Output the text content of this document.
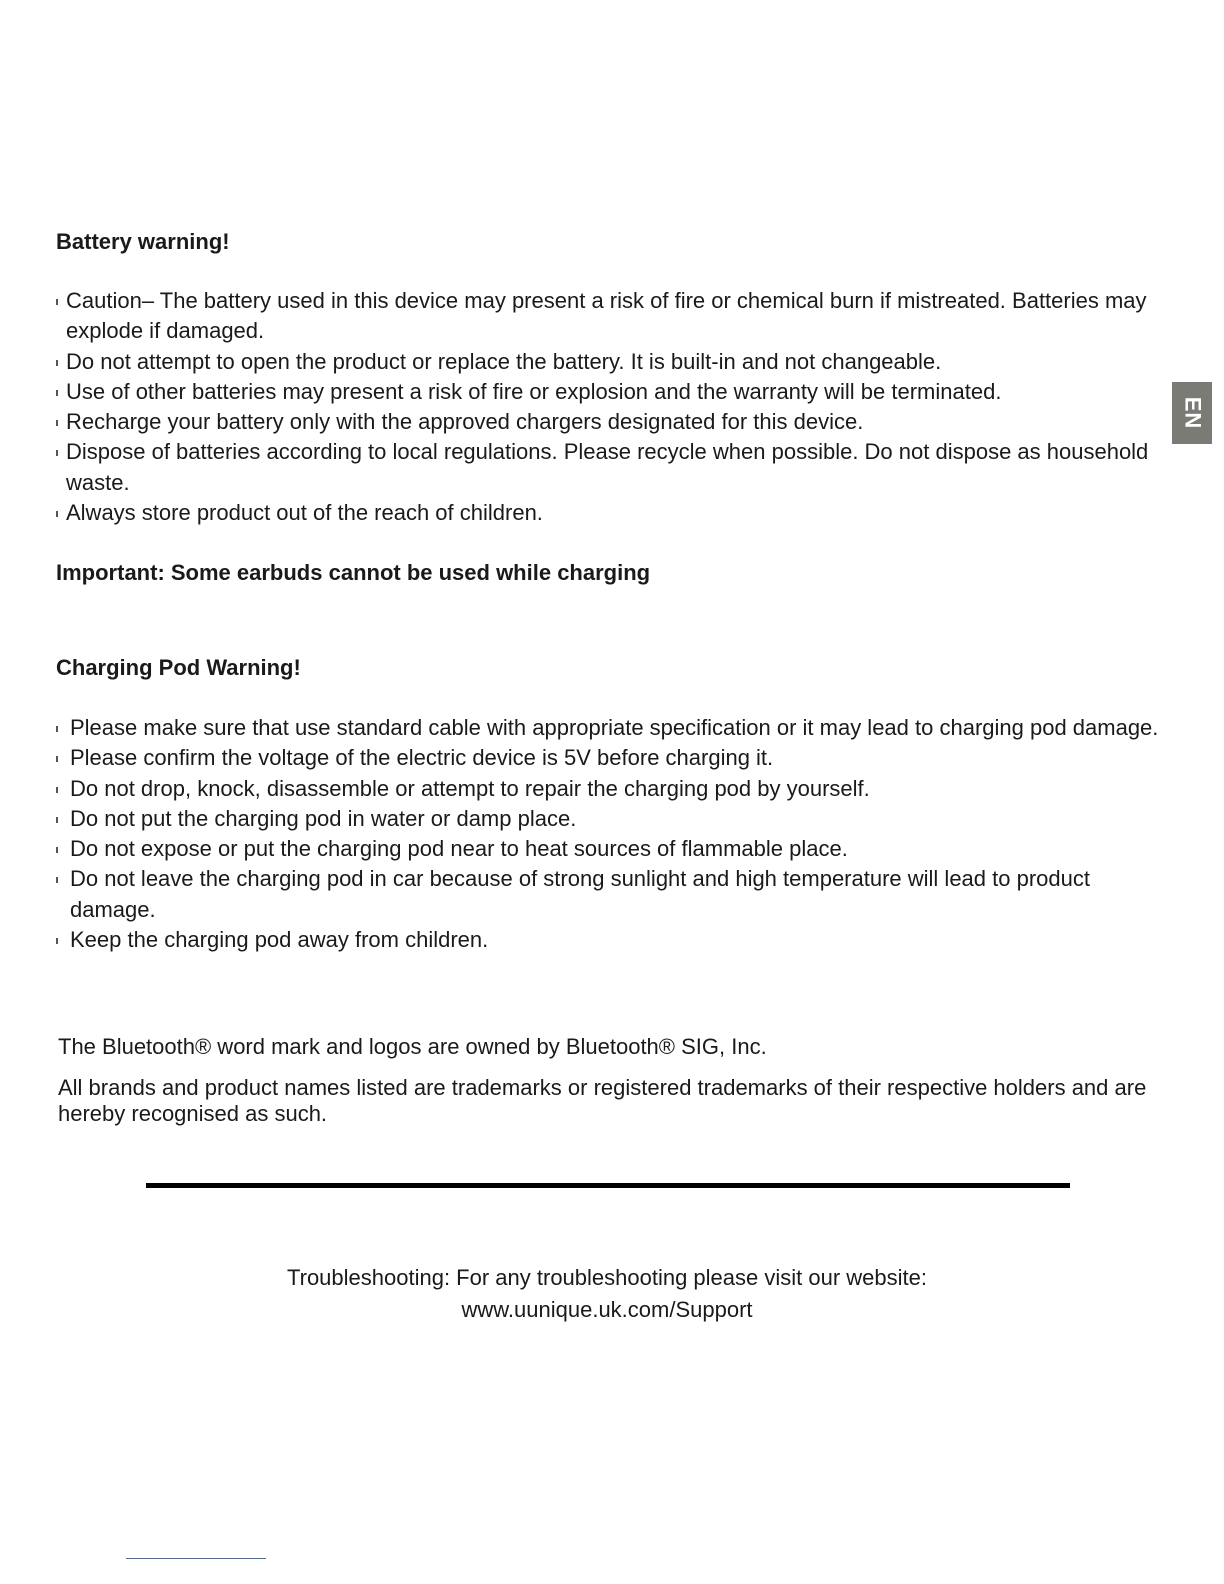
Battery warning!
Caution– The battery used in this device may present a risk of fire or chemical burn if mistreated. Batteries may explode if damaged.
Do not attempt to open the product or replace the battery. It is built-in and not changeable.
Use of other batteries may present a risk of fire or explosion and the warranty will be terminated.
Recharge your battery only with the approved chargers designated for this device.
Dispose of batteries according to local regulations. Please recycle when possible. Do not dispose as household waste.
Always store product out of the reach of children.
Important: Some earbuds cannot be used while charging
Charging Pod Warning!
Please make sure that use standard cable with appropriate specification or it may lead to charging pod damage.
Please confirm the voltage of the electric device is 5V before charging it.
Do not drop, knock, disassemble or attempt to repair the charging pod by yourself.
Do not put the charging pod in water or damp place.
Do not expose or put the charging pod near to heat sources of flammable place.
Do not leave the charging pod in car because of strong sunlight and high temperature will lead to product damage.
Keep the charging pod away from children.

The Bluetooth® word mark and logos are owned by Bluetooth® SIG, Inc.

All brands and product names listed are trademarks or registered trademarks of their respective holders and are hereby recognised as such.

Troubleshooting: For any troubleshooting please visit our website:
www.uunique.uk.com/Support
EN
